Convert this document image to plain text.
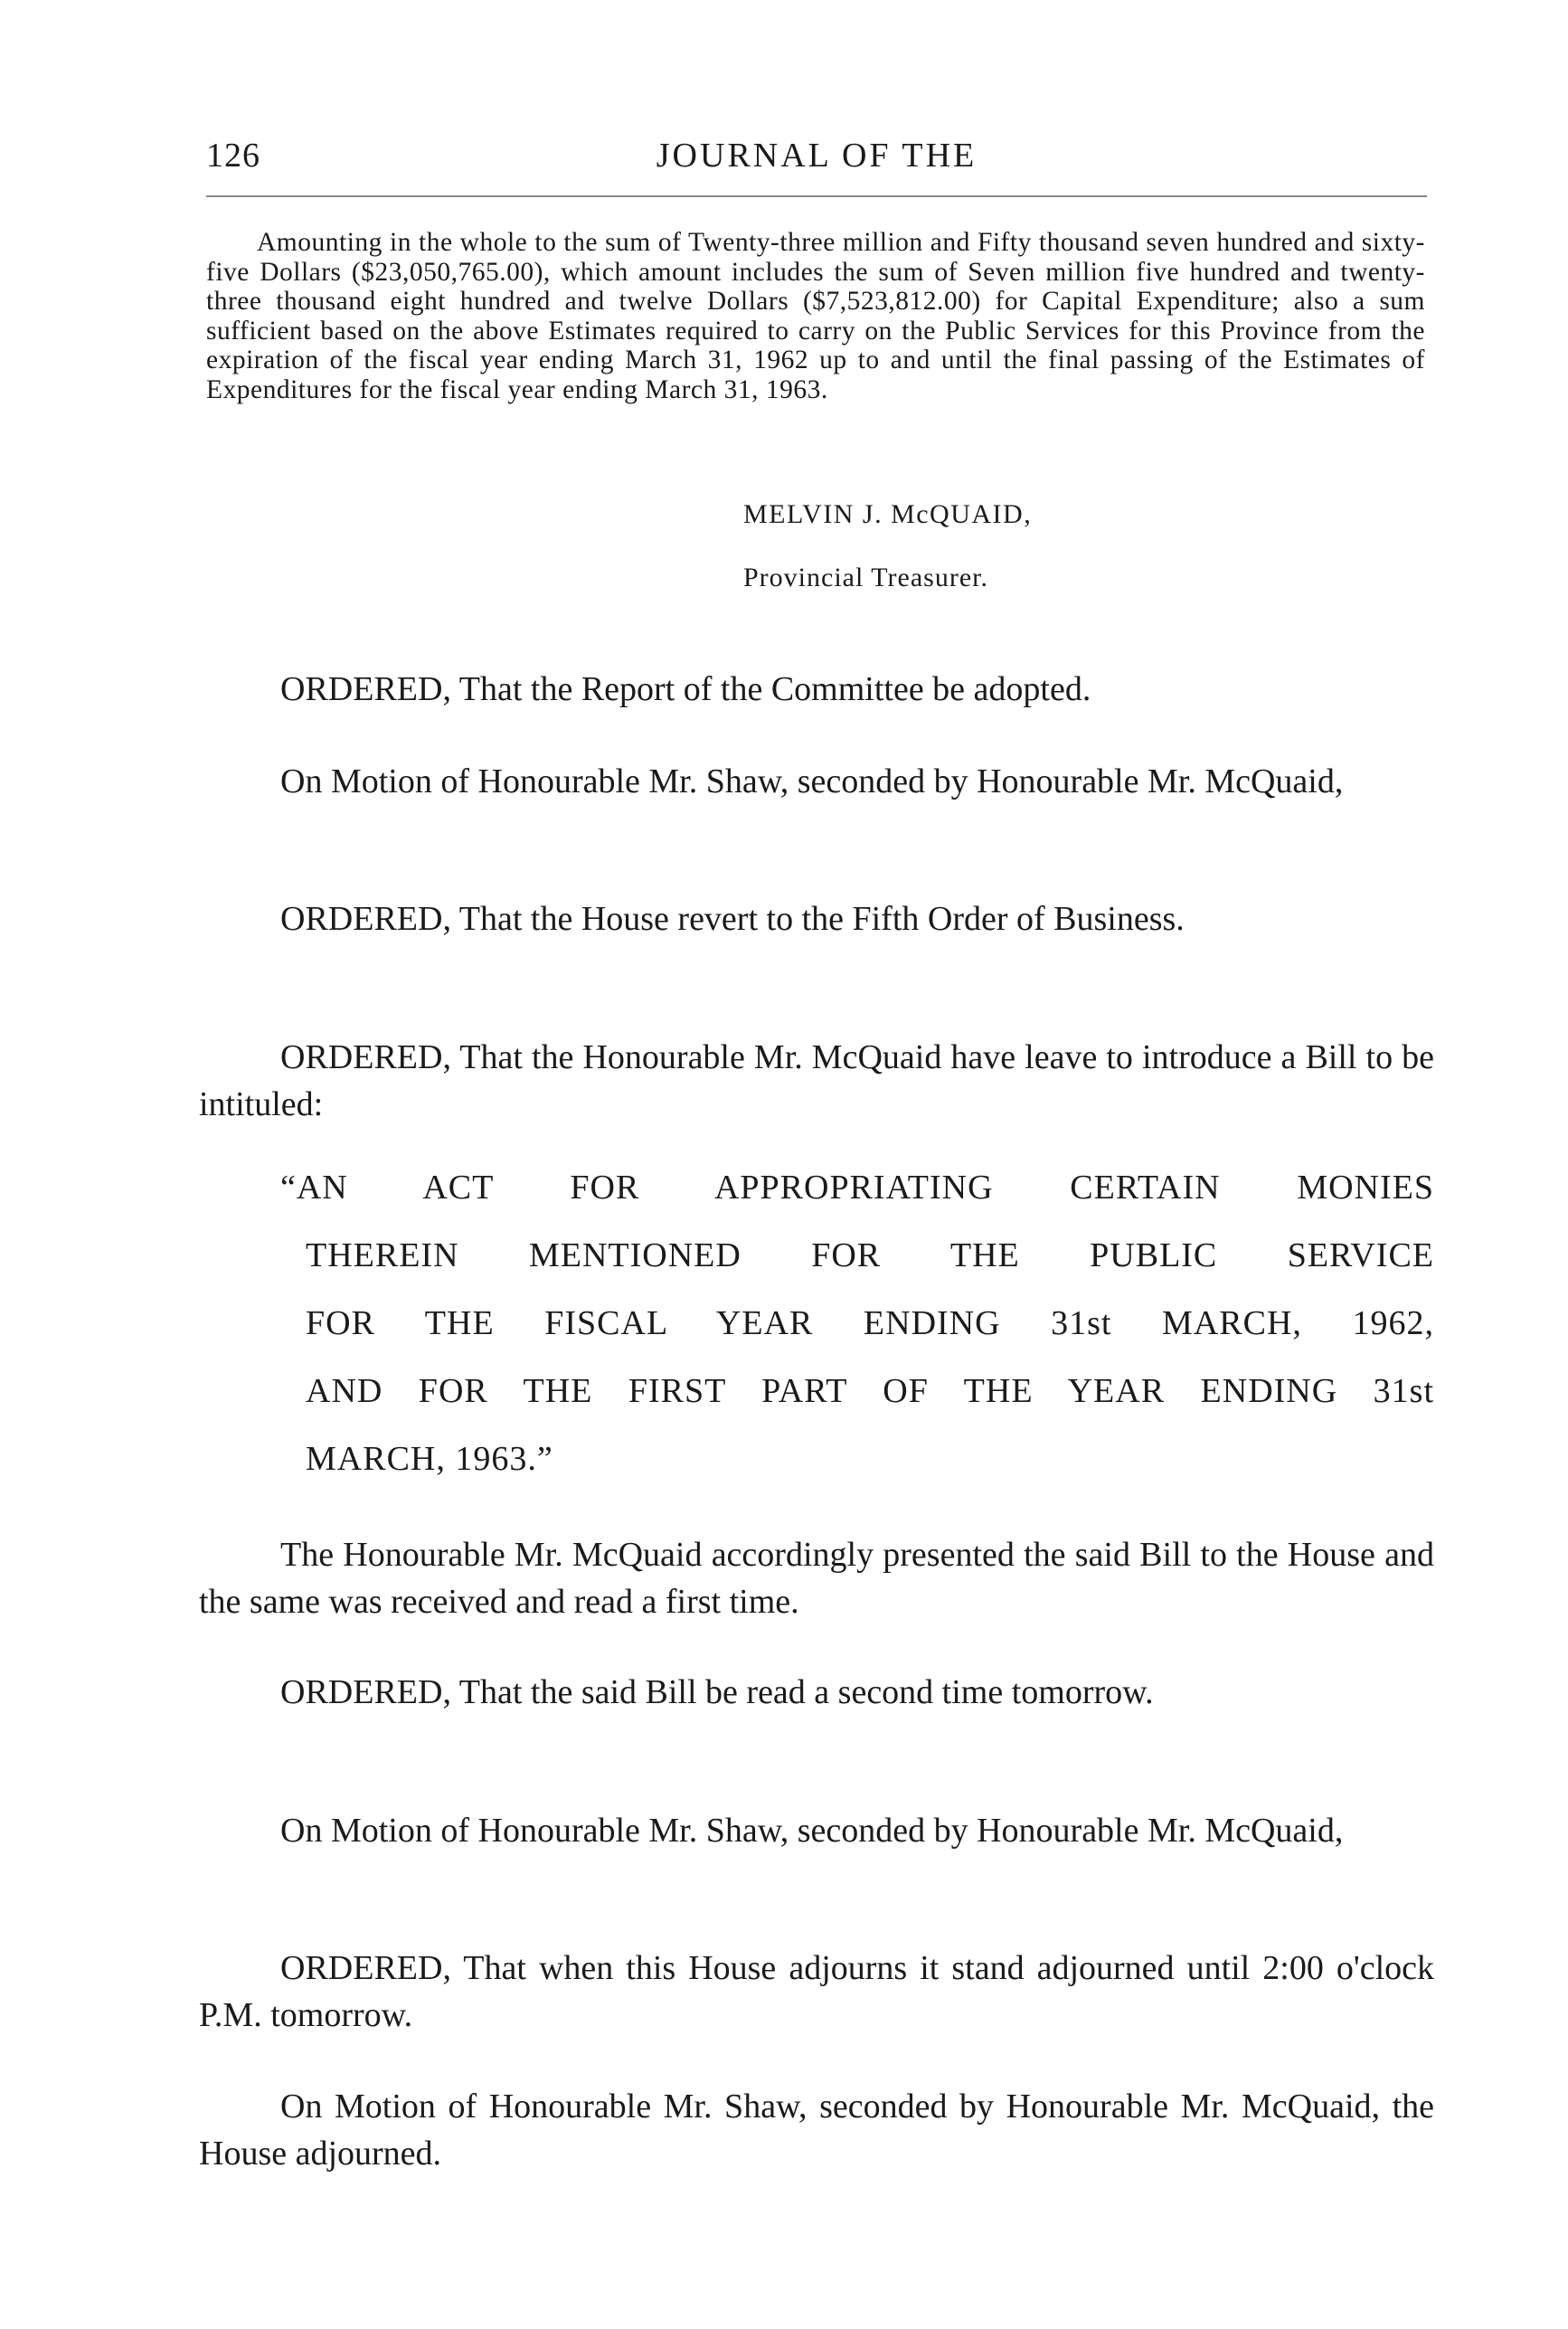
126	JOURNAL OF THE
Amounting in the whole to the sum of Twenty-three million and Fifty thousand seven hundred and sixty-five Dollars ($23,050,765.00), which amount includes the sum of Seven million five hundred and twenty-three thousand eight hundred and twelve Dollars ($7,523,812.00) for Capital Expenditure; also a sum sufficient based on the above Estimates required to carry on the Public Services for this Province from the expiration of the fiscal year ending March 31, 1962 up to and until the final passing of the Estimates of Expenditures for the fiscal year ending March 31, 1963.
MELVIN J. McQUAID,
Provincial Treasurer.
ORDERED, That the Report of the Committee be adopted.
On Motion of Honourable Mr. Shaw, seconded by Honourable Mr. McQuaid,
ORDERED, That the House revert to the Fifth Order of Business.
ORDERED, That the Honourable Mr. McQuaid have leave to introduce a Bill to be intituled:
“AN ACT FOR APPROPRIATING CERTAIN MONIES
THEREIN MENTIONED FOR THE PUBLIC SERVICE
FOR THE FISCAL YEAR ENDING 31st MARCH, 1962,
AND FOR THE FIRST PART OF THE YEAR ENDING 31st
MARCH, 1963.”
The Honourable Mr. McQuaid accordingly presented the said Bill to the House and the same was received and read a first time.
ORDERED, That the said Bill be read a second time tomorrow.
On Motion of Honourable Mr. Shaw, seconded by Honourable Mr. McQuaid,
ORDERED, That when this House adjourns it stand adjourned until 2:00 o'clock P.M. tomorrow.
On Motion of Honourable Mr. Shaw, seconded by Honourable Mr. McQuaid, the House adjourned.
